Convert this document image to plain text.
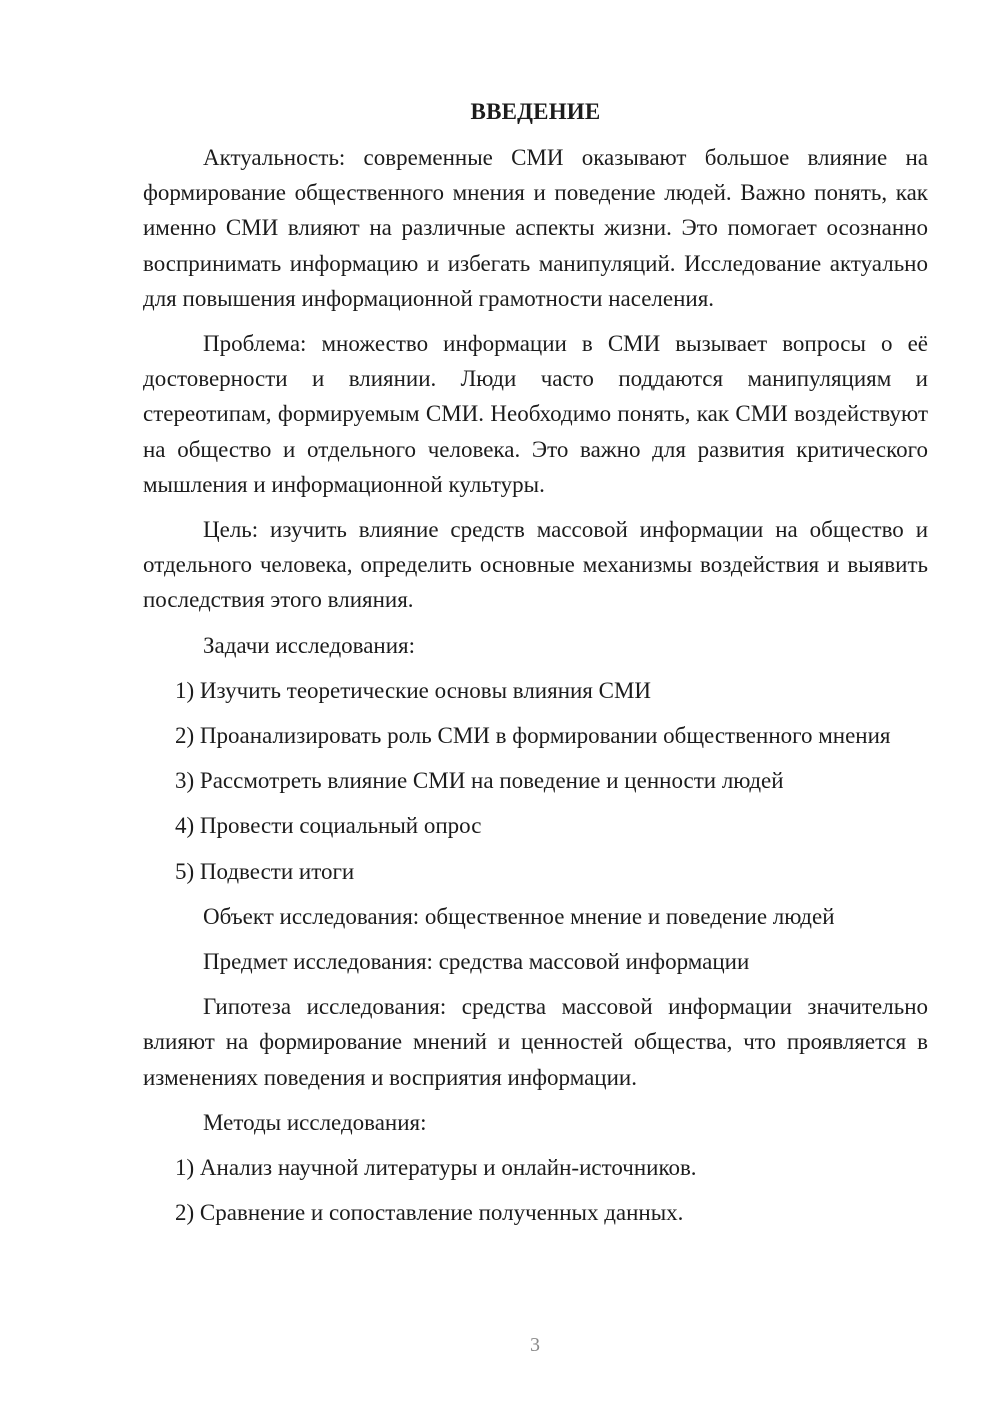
ВВЕДЕНИЕ

Актуальность: современные СМИ оказывают большое влияние на формирование общественного мнения и поведение людей. Важно понять, как именно СМИ влияют на различные аспекты жизни. Это помогает осознанно воспринимать информацию и избегать манипуляций. Исследование актуально для повышения информационной грамотности населения.

Проблема: множество информации в СМИ вызывает вопросы о её достоверности и влиянии. Люди часто поддаются манипуляциям и стереотипам, формируемым СМИ. Необходимо понять, как СМИ воздействуют на общество и отдельного человека. Это важно для развития критического мышления и информационной культуры.

Цель: изучить влияние средств массовой информации на общество и отдельного человека, определить основные механизмы воздействия и выявить последствия этого влияния.

Задачи исследования:

1) Изучить теоретические основы влияния СМИ

2) Проанализировать роль СМИ в формировании общественного мнения

3) Рассмотреть влияние СМИ на поведение и ценности людей

4) Провести социальный опрос

5) Подвести итоги

Объект исследования: общественное мнение и поведение людей
Предмет исследования: средства массовой информации

Гипотеза исследования: средства массовой информации значительно влияют на формирование мнений и ценностей общества, что проявляется в изменениях поведения и восприятия информации.

Методы исследования:

1) Анализ научной литературы и онлайн-источников.

2) Сравнение и сопоставление полученных данных.

3
